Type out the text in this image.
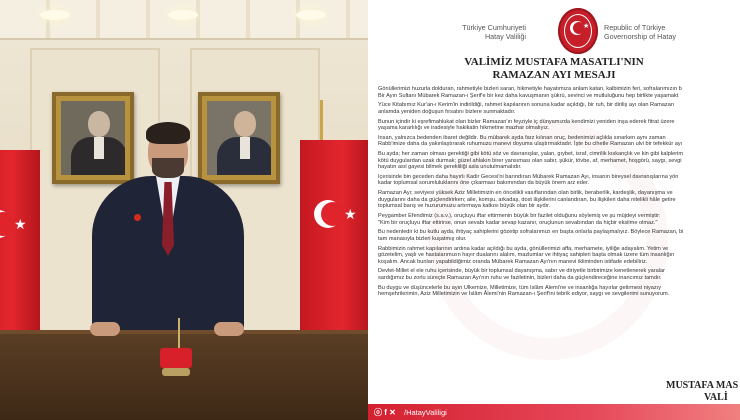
★
★
Türkiye Cumhuriyeti
Hatay Valiliği
★ Republic of Türkiye
Governorship of Hatay
VALİMİZ MUSTAFA MASATLI'NIN
RAMAZAN AYI MESAJI

Gönüllerimizi huzurla dolduran, rahmetiyle bizleri saran, hikmetiyle hayatımıza anlam katan, kalbimizin feri, sofralarımızın b
Bir Ayın Sultanı Mübarek Ramazan-ı Şerif'e bir kez daha kavuşmanın şükrü, sevinci ve mutluluğunu hep birlikte yaşamakt

Yüce Kitabımız Kur'an-ı Kerim'in indirildiği, rahmet kapılarının sonuna kadar açıldığı, bir ruh, bir diriliş ayı olan Ramazan
anlamda yeniden doğuşun fırsatını bizlere sunmaktadır.

Bunun içindir ki eşrefimahlukat olan bizler Ramazan'ın feyziyle iç dünyamızda kendimizi yeniden inşa ederek fitrat üzere
yaşama kararlılığı ve iradesiyle hakikatin hikmetine mazhar olmalıyız.

İnsan, yalnızca bedenden ibaret değildir. Bu mübarek ayda farz kılınan oruç, bedenimizi açlıkla sınarken aynı zaman
Rabb'imize daha da yakınlaştırarak ruhumuzu manevi doyuma ulaştırmaktadır. İşte bu cihetle Ramazan ulvi bir tefekkür ayı

Bu ayda; her zaman olması gerektiği gibi kötü söz ve davranışlar, yalan, gıybet, israf, cimrilik kıskançlık ve kin gibi kalplerim
kötü duygulardan uzak durmak; güzel ahlakın birer yansıması olan sabır, şükür, tövbe, af, merhamet, hoşgörü, saygı, sevgi
hayatın asıl gayesi bilmek gerekliliği asla unutulmamalıdır.

İçerisinde bin geceden daha hayırlı Kadir Gecesi'ni barındıran Mübarek Ramazan Ayı, insanın bireysel davranışlarına yön
kadar toplumsal sorumluluklarını öne çıkarması bakımından da büyük önem arz eder.

Ramazan Ayı; seviyesi yüksek Aziz Milletimizin en öncelikli vasıflarından olan birlik, beraberlik, kardeşlik, dayanışma ve
duygularını daha da güçlendirirken; aile, komşu, arkadaş, dost ilişkilerini canlandıran, bu ilişkileri daha nitelikli hâle getire
toplumsal barış ve huzurumuzu artırmaya katkısı büyük olan bir aydır.

Peygamber Efendimiz (s.a.v.), oruçluyu iftar ettirmenin büyük bir fazilet olduğunu söylemiş ve şu müjdeyi vermiştir:
"Kim bir oruçluyu iftar ettirirse, onun sevabı kadar sevap kazanır, oruçlunun sevabından da hiçbir eksilme olmaz."

Bu nedenledir ki bu kutlu ayda, ihtiyaç sahiplerini gözetip sofralarımızı en başta onlarla paylaşmalıyız. Böylece Ramazan, bi
tam manasıyla bizleri kuşatmış olur.

Rabbimizin rahmet kapılarının ardına kadar açıldığı bu ayda, gönüllerimizi affa, merhamete, iyiliğe adayalım. Yetim ve
gözetelim, yaşlı ve hastalarımızın hayır dualarını alalım, mazlumlar ve ihtiyaç sahipleri başta olmak üzere tüm insanlığın
koşalım. Ancak bunları yapabildiğimiz oranda Mübarek Ramazan Ayı'nın manevi ikliminden istifade edebiliriz.

Devlet-Millet el ele ruhu içerisinde, büyük bir toplumsal dayanışma, sabır ve diriyetle birbirimize kenetlenerek yaralar
sardığımız bu zorlu süreçte Ramazan Ayı'nın ruhu ve faziletinin, bizleri daha da güçlendireceğine inancımız tamdır.

Bu duygu ve düşüncelerle bu ayın Ülkemize, Milletimize, tüm İslâm Âlemi'ne ve insanlığa hayırlar getirmesi niyazıy
hemşehrilerimin, Aziz Milletimizin ve İslâm Âlemi'nin Ramazan-ı Şerif'ini tebrik ediyor, saygı ve sevgilerimi sunuyorum.

MUSTAFA MAS
VALİ
ⓞ f ✕ /HatayValiligi
